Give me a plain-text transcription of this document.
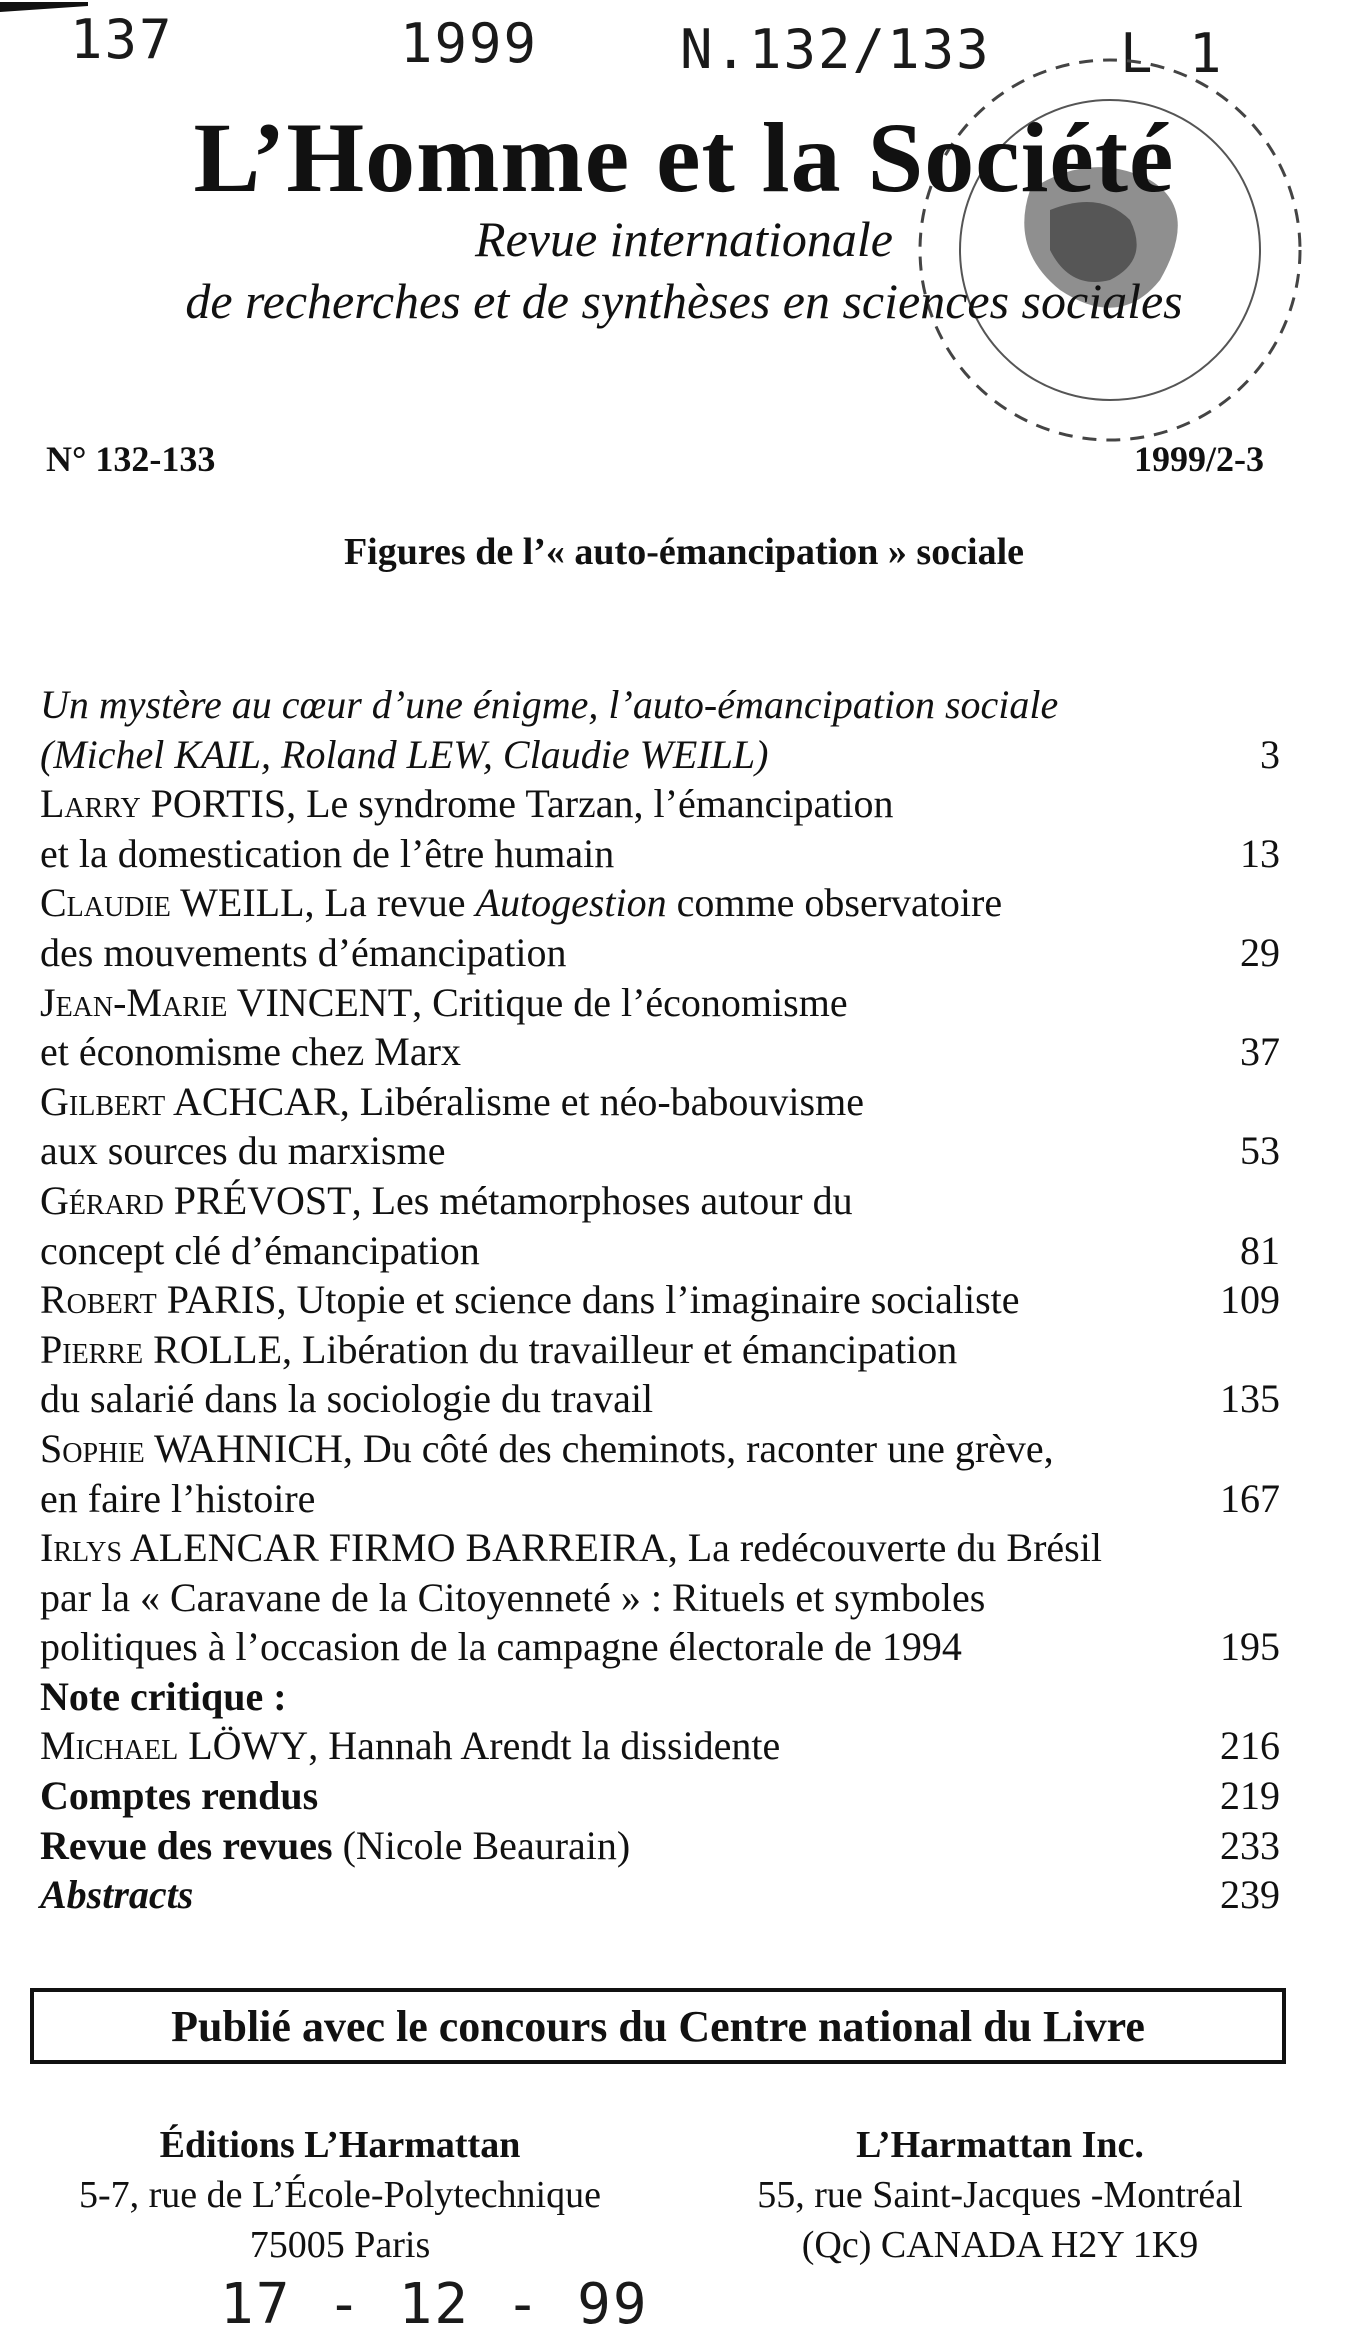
137	1999	N.132/133 L 1
L’Homme et la Société
Revue internationale
de recherches et de synthèses en sciences sociales
N° 132-133	1999/2-3
Figures de l’« auto-émancipation » sociale
Un mystère au cœur d’une énigme, l’auto-émancipation sociale
(Michel KAIL, Roland LEW, Claudie WEILL)	3
Larry PORTIS, Le syndrome Tarzan, l’émancipation
et la domestication de l’être humain	13
Claudie WEILL, La revue Autogestion comme observatoire
des mouvements d’émancipation	29
Jean-Marie VINCENT, Critique de l’économisme
et économisme chez Marx	37
Gilbert ACHCAR, Libéralisme et néo-babouvisme
aux sources du marxisme	53
Gérard PRÉVOST, Les métamorphoses autour du
concept clé d’émancipation	81
Robert PARIS, Utopie et science dans l’imaginaire socialiste	109
Pierre ROLLE, Libération du travailleur et émancipation
du salarié dans la sociologie du travail	135
Sophie WAHNICH, Du côté des cheminots, raconter une grève,
en faire l’histoire	167
Irlys ALENCAR FIRMO BARREIRA, La redécouverte du Brésil
par la « Caravane de la Citoyenneté » : Rituels et symboles
politiques à l’occasion de la campagne électorale de 1994	195
Note critique :
Michael LÖWY, Hannah Arendt la dissidente	216
Comptes rendus	219
Revue des revues (Nicole Beaurain)	233
Abstracts	239
Publié avec le concours du Centre national du Livre
Éditions L’Harmattan
5-7, rue de L’École-Polytechnique
75005 Paris
L’Harmattan Inc.
55, rue Saint-Jacques -Montréal
(Qc) CANADA H2Y 1K9
17 - 12 - 99
